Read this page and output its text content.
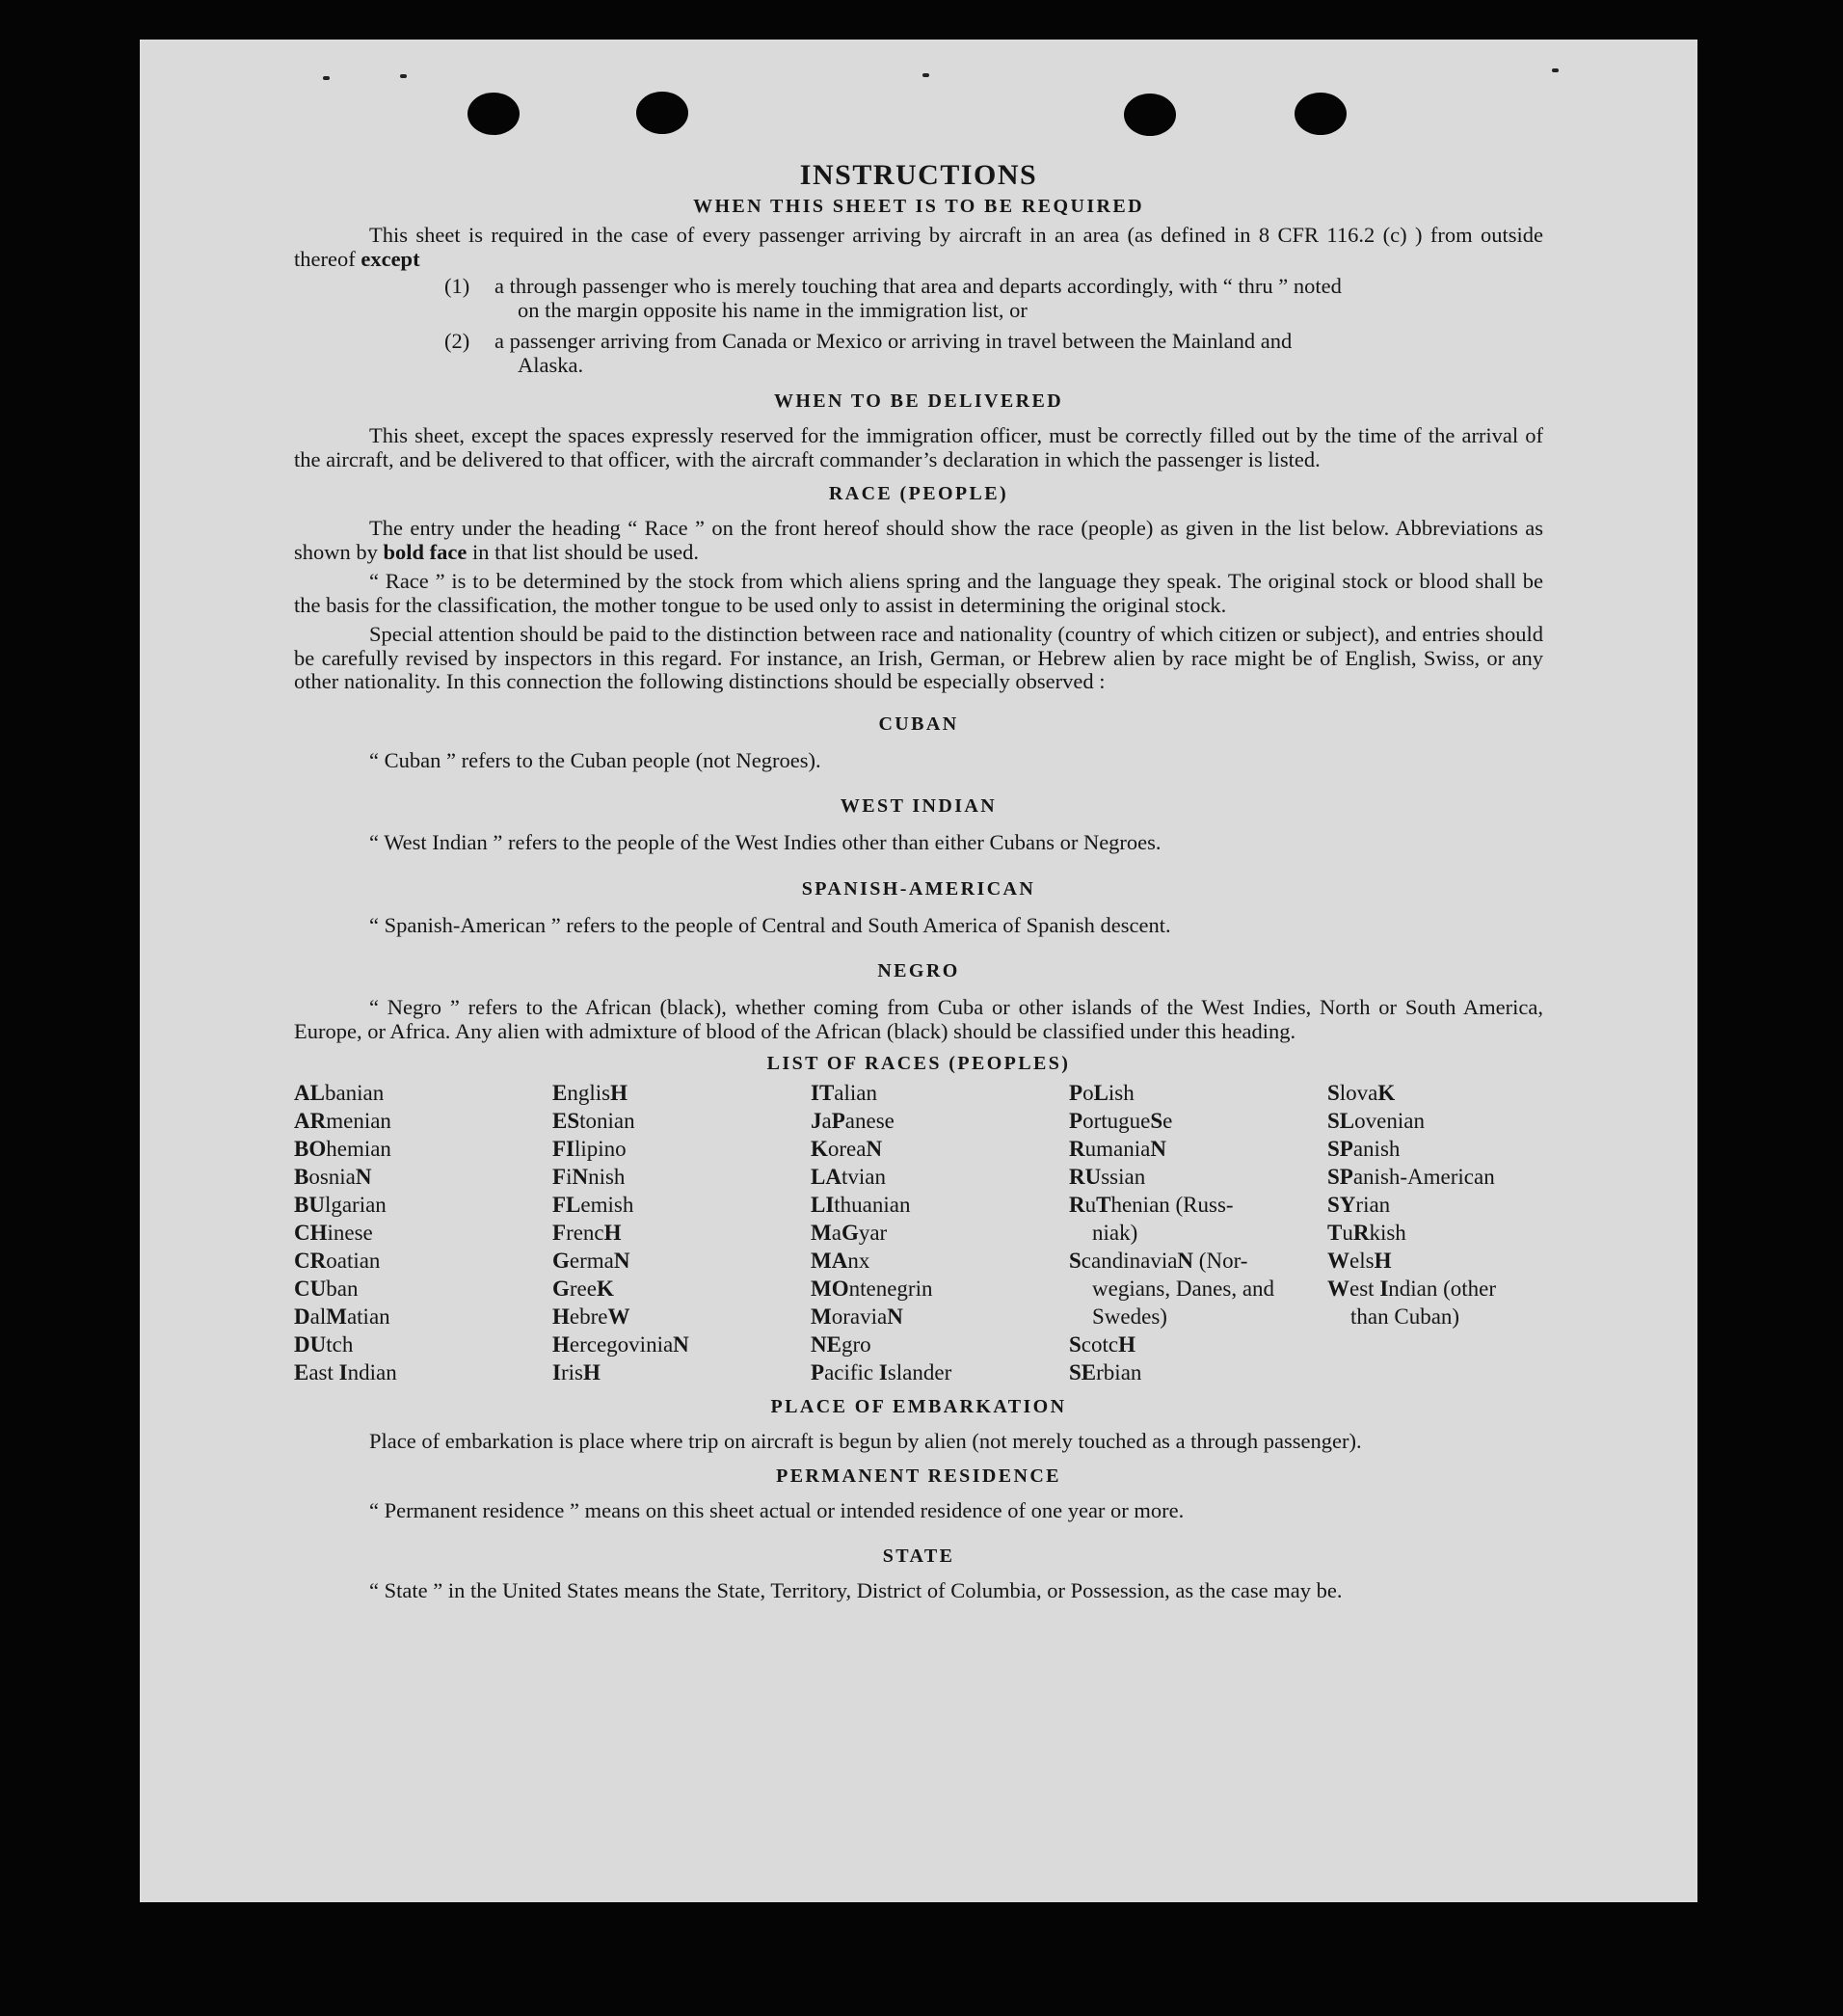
INSTRUCTIONS
WHEN THIS SHEET IS TO BE REQUIRED

This sheet is required in the case of every passenger arriving by aircraft in an area (as defined in 8 CFR 116.2 (c) ) from outside thereof except

(1)	a through passenger who is merely touching that area and departs accordingly, with “ thru ” noted
on the margin opposite his name in the immigration list, or
(2)	a passenger arriving from Canada or Mexico or arriving in travel between the Mainland and
Alaska.
WHEN TO BE DELIVERED

This sheet, except the spaces expressly reserved for the immigration officer, must be correctly filled out by the time of the arrival of the aircraft, and be delivered to that officer, with the aircraft commander’s declaration in which the passenger is listed.

RACE (PEOPLE)

The entry under the heading “ Race ” on the front hereof should show the race (people) as given in the list below. Abbreviations as shown by bold face in that list should be used.

“ Race ” is to be determined by the stock from which aliens spring and the language they speak. The original stock or blood shall be the basis for the classification, the mother tongue to be used only to assist in determining the original stock.

Special attention should be paid to the distinction between race and nationality (country of which citizen or subject), and entries should be carefully revised by inspectors in this regard. For instance, an Irish, German, or Hebrew alien by race might be of English, Swiss, or any other nationality. In this connection the following distinctions should be especially observed :

CUBAN

“ Cuban ” refers to the Cuban people (not Negroes).

WEST INDIAN

“ West Indian ” refers to the people of the West Indies other than either Cubans or Negroes.

SPANISH-AMERICAN

“ Spanish-American ” refers to the people of Central and South America of Spanish descent.

NEGRO

“ Negro ” refers to the African (black), whether coming from Cuba or other islands of the West Indies, North or South America, Europe, or Africa. Any alien with admixture of blood of the African (black) should be classified under this heading.

LIST OF RACES (PEOPLES)
ALbanian
ARmenian
BOhemian
BosniaN
BUlgarian
CHinese
CRoatian
CUban
DalMatian
DUtch
East Indian
EnglisH
EStonian
FIlipino
FiNnish
FLemish
FrencH
GermaN
GreeK
HebreW
HercegoviniaN
IrisH
ITalian
JaPanese
KoreaN
LAtvian
LIthuanian
MaGyar
MAnx
MOntenegrin
MoraviaN
NEgro
Pacific Islander
PoLish
PortugueSe
RumaniaN
RUssian
RuThenian (Russ-
niak)
ScandinaviaN (Nor-
wegians, Danes, and Swedes)
ScotcH
SErbian
SlovaK
SLovenian
SPanish
SPanish-American
SYrian
TuRkish
WelsH
West Indian (other
than Cuban)
PLACE OF EMBARKATION

Place of embarkation is place where trip on aircraft is begun by alien (not merely touched as a through passenger).

PERMANENT RESIDENCE

“ Permanent residence ” means on this sheet actual or intended residence of one year or more.

STATE

“ State ” in the United States means the State, Territory, District of Columbia, or Possession, as the case may be.
